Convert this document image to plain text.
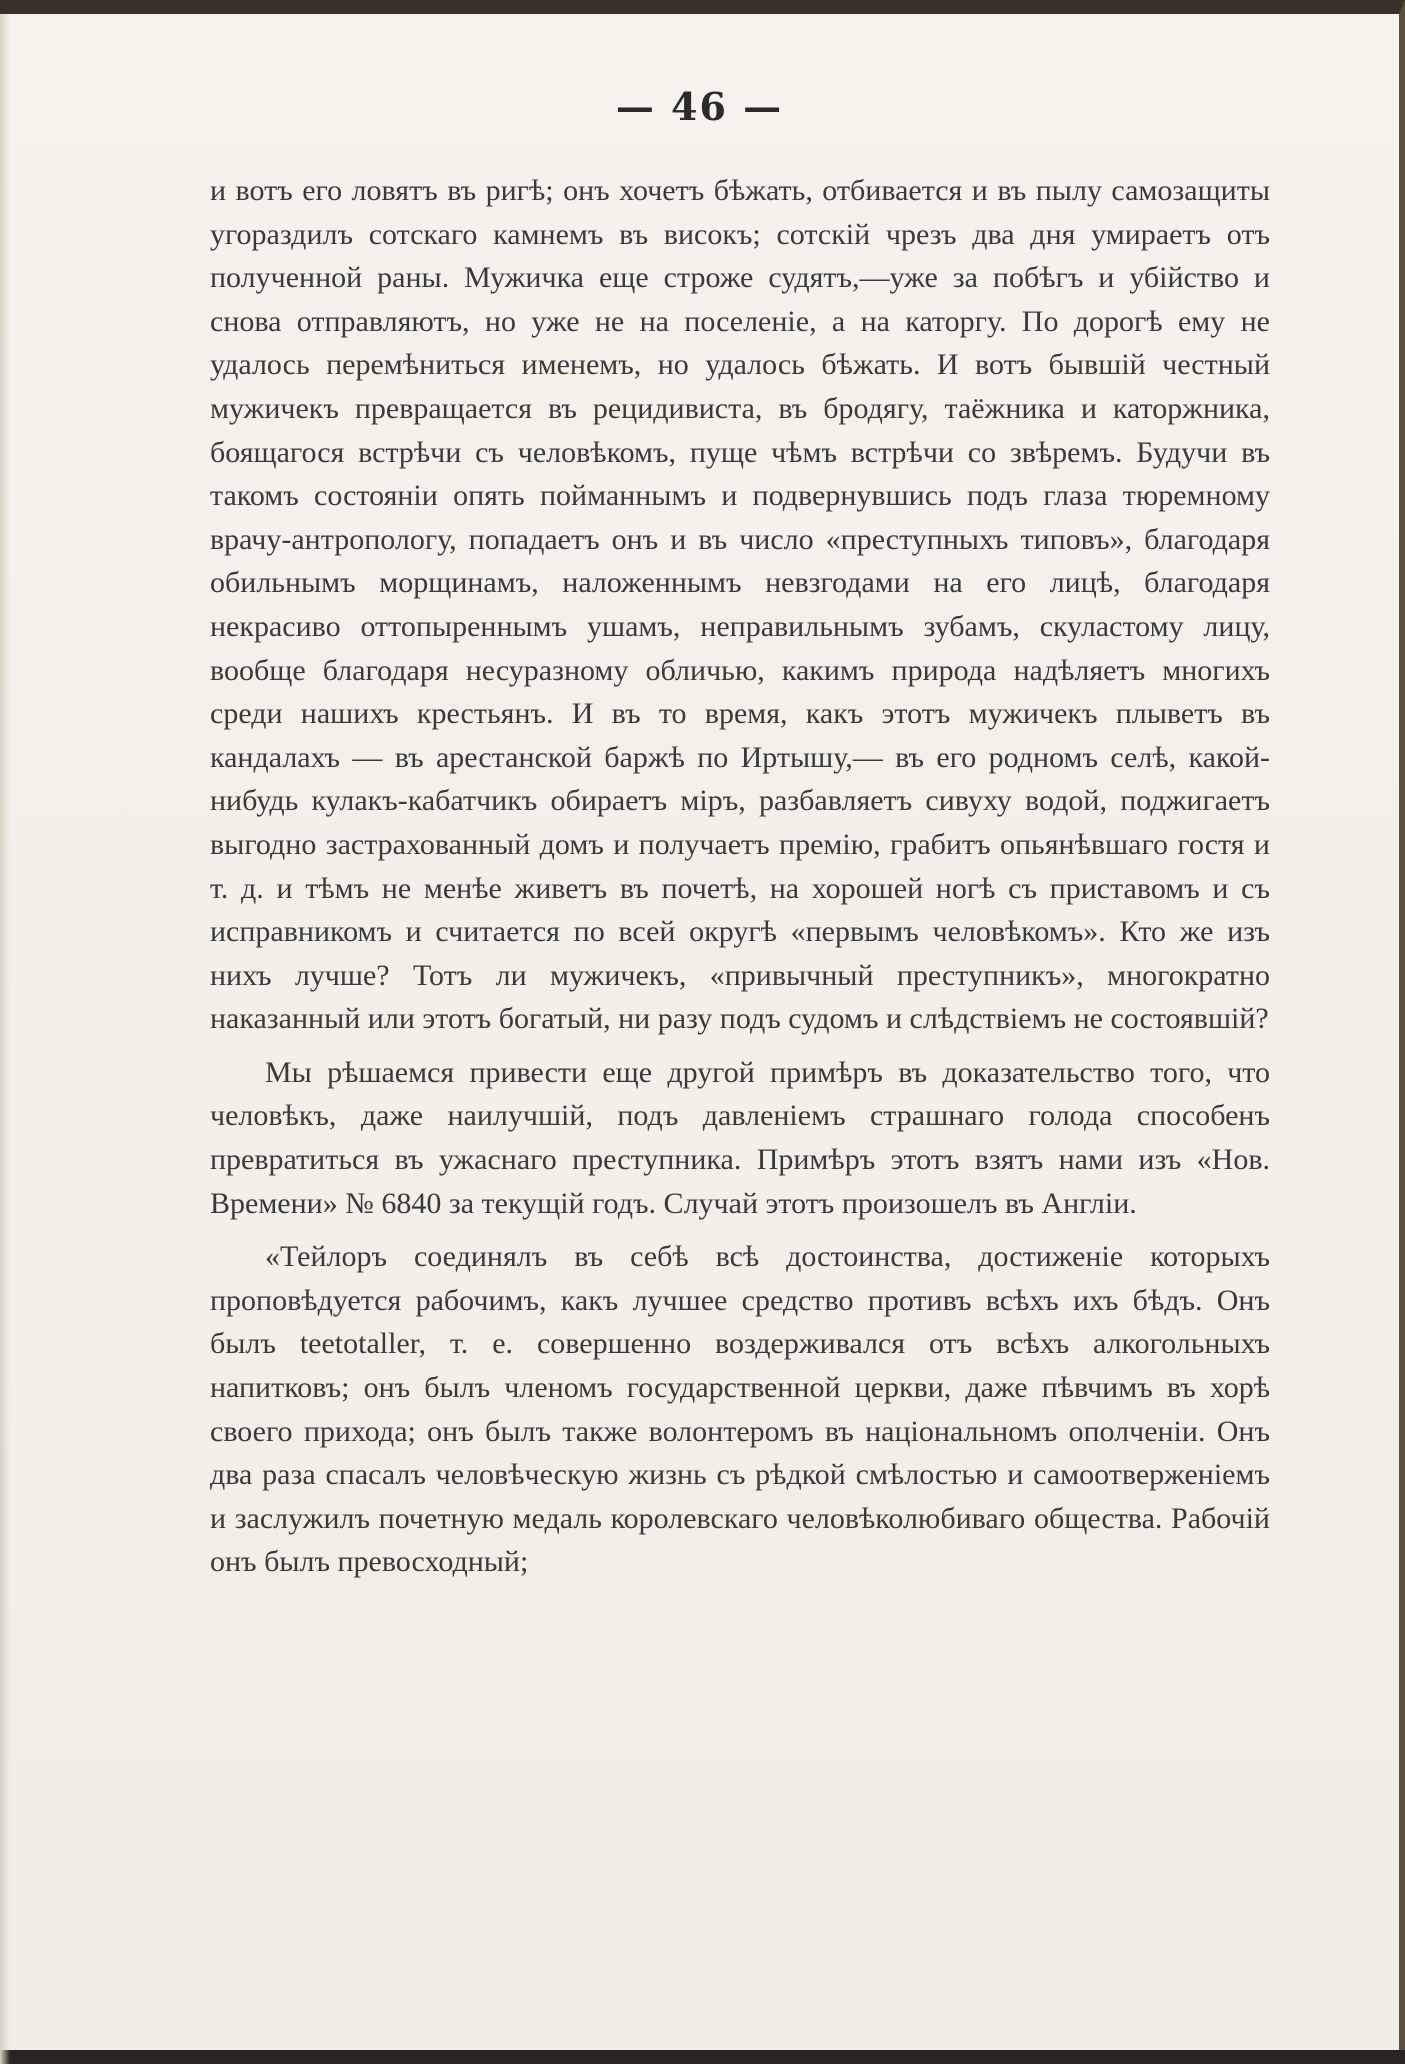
— 46 —

и вотъ его ловятъ въ ригѣ; онъ хочетъ бѣжать, отбивается и въ пылу самозащиты угораздилъ сотскаго камнемъ въ високъ; сотскій чрезъ два дня умираетъ отъ полученной раны. Мужичка еще строже судятъ,—уже за побѣгъ и убійство и снова отправляютъ, но уже не на поселеніе, а на каторгу. По дорогѣ ему не удалось перемѣниться именемъ, но удалось бѣжать. И вотъ бывшій честный мужичекъ превращается въ рецидивиста, въ бродягу, таёжника и каторжника, боящагося встрѣчи съ человѣкомъ, пуще чѣмъ встрѣчи со звѣремъ. Будучи въ такомъ состояніи опять пойманнымъ и подвернувшись подъ глаза тюремному врачу-антропологу, попадаетъ онъ и въ число «преступныхъ типовъ», благодаря обильнымъ морщинамъ, наложеннымъ невзгодами на его лицѣ, благодаря некрасиво оттопыреннымъ ушамъ, неправильнымъ зубамъ, скуластому лицу, вообще благодаря несуразному обличью, какимъ природа надѣляетъ многихъ среди нашихъ крестьянъ. И въ то время, какъ этотъ мужичекъ плыветъ въ кандалахъ — въ арестанской баржѣ по Иртышу,— въ его родномъ селѣ, какой-нибудь кулакъ-кабатчикъ обираетъ міръ, разбавляетъ сивуху водой, поджигаетъ выгодно застрахованный домъ и получаетъ премію, грабитъ опьянѣвшаго гостя и т. д. и тѣмъ не менѣе живетъ въ почетѣ, на хорошей ногѣ съ приставомъ и съ исправникомъ и считается по всей округѣ «первымъ человѣкомъ». Кто же изъ нихъ лучше? Тотъ ли мужичекъ, «привычный преступникъ», многократно наказанный или этотъ богатый, ни разу подъ судомъ и слѣдствіемъ не состоявшій?

Мы рѣшаемся привести еще другой примѣръ въ доказательство того, что человѣкъ, даже наилучшій, подъ давленіемъ страшнаго голода способенъ превратиться въ ужаснаго преступника. Примѣръ этотъ взятъ нами изъ «Нов. Времени» № 6840 за текущій годъ. Случай этотъ произошелъ въ Англіи.

«Тейлоръ соединялъ въ себѣ всѣ достоинства, достиженіе которыхъ проповѣдуется рабочимъ, какъ лучшее средство противъ всѣхъ ихъ бѣдъ. Онъ былъ teetotaller, т. е. совершенно воздерживался отъ всѣхъ алкогольныхъ напитковъ; онъ былъ членомъ государственной церкви, даже пѣвчимъ въ хорѣ своего прихода; онъ былъ также волонтеромъ въ національномъ ополченіи. Онъ два раза спасалъ человѣческую жизнь съ рѣдкой смѣлостью и самоотверженіемъ и заслужилъ почетную медаль королевскаго человѣколюбиваго общества. Рабочій онъ былъ превосходный;
